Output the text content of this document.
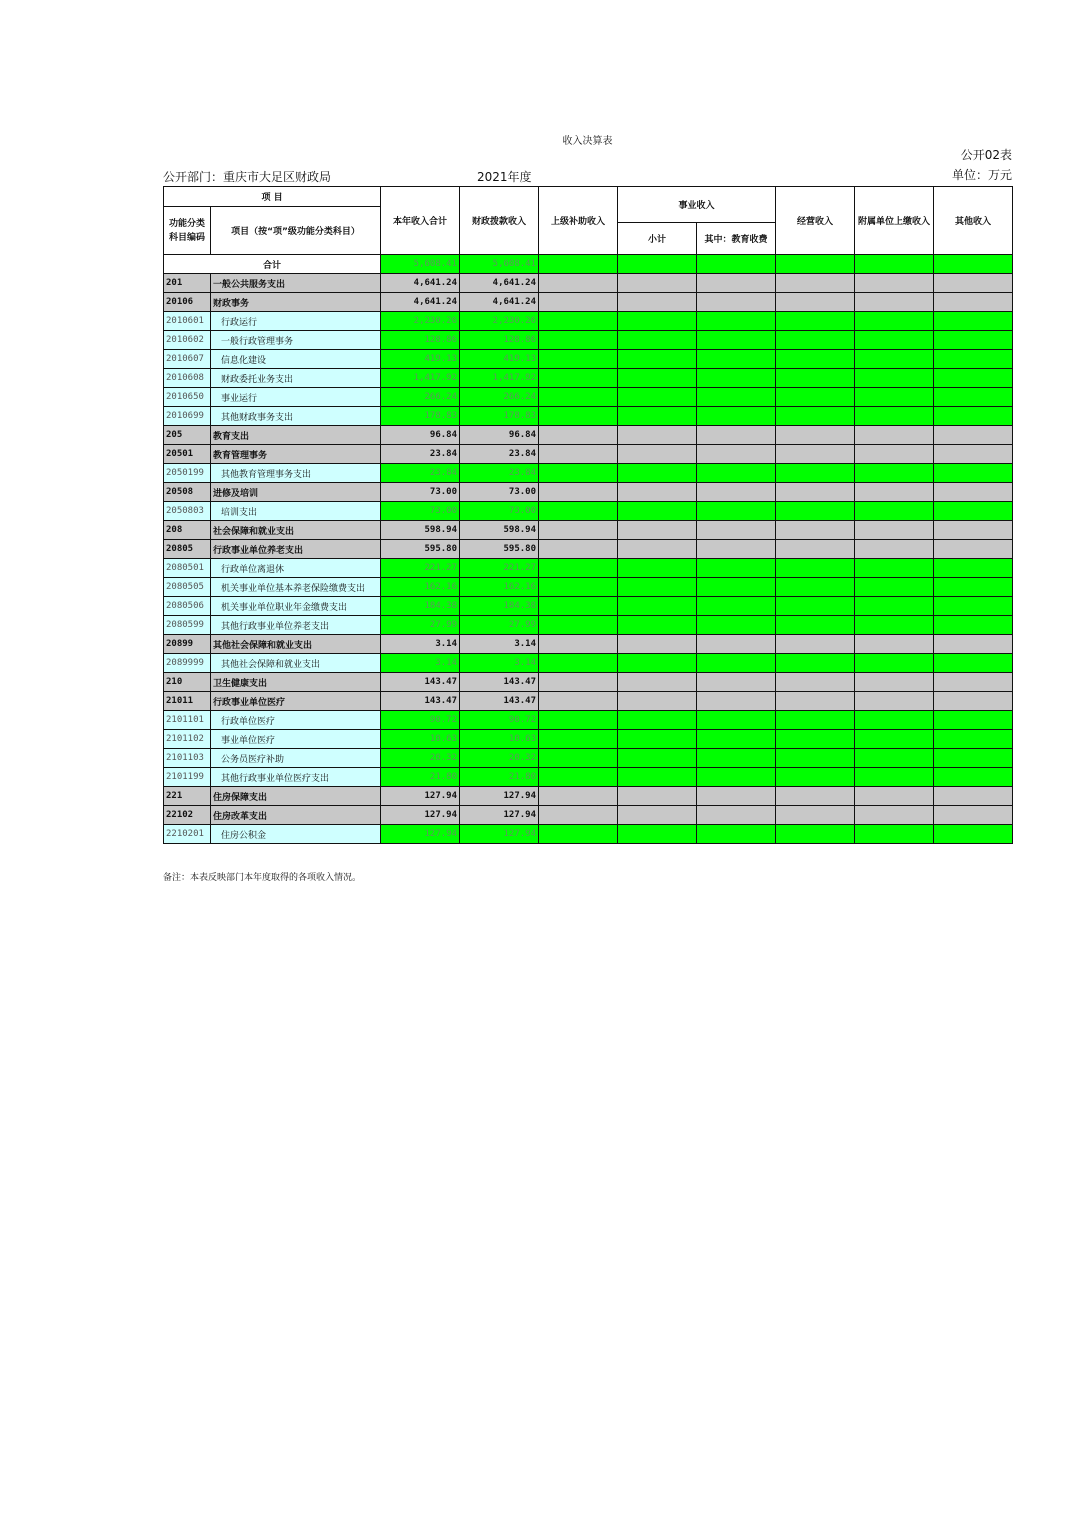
收入决算表
公开02表
公开部门：重庆市大足区财政局	2021年度	单位：万元
项 目		本年收入合计	财政拨款收入	上级补助收入	事业收入		经营收入	附属单位上缴收入	其他收入
功能分类科目编码	项目（按“项”级功能分类科目）								
					小计	其中：教育收费			
合计		5,608.41	5,608.41						
201	一般公共服务支出	4,641.24	4,641.24						
20106	财政事务	4,641.24	4,641.24						
2010601	行政运行	2,230.26	2,230.26						
2010602	一般行政管理事务	128.86	128.86						
2010607	信息化建设	419.13	419.13						
2010608	财政委托业务支出	1,417.92	1,417.92						
2010650	事业运行	266.24	266.24						
2010699	其他财政事务支出	178.83	178.83						
205	教育支出	96.84	96.84						
20501	教育管理事务	23.84	23.84						
2050199	其他教育管理事务支出	23.84	23.84						
20508	进修及培训	73.00	73.00						
2050803	培训支出	73.00	73.00						
208	社会保障和就业支出	598.94	598.94						
20805	行政事业单位养老支出	595.80	595.80						
2080501	行政单位离退休	221.27	221.27						
2080505	机关事业单位基本养老保险缴费支出	162.16	162.16						
2080506	机关事业单位职业年金缴费支出	184.38	184.38						
2080599	其他行政事业单位养老支出	27.99	27.99						
20899	其他社会保障和就业支出	3.14	3.14						
2089999	其他社会保障和就业支出	3.14	3.14						
210	卫生健康支出	143.47	143.47						
21011	行政事业单位医疗	143.47	143.47						
2101101	行政单位医疗	90.72	90.72						
2101102	事业单位医疗	10.63	10.63						
2101103	公务员医疗补助	20.32	20.32						
2101199	其他行政事业单位医疗支出	21.80	21.80						
221	住房保障支出	127.94	127.94						
22102	住房改革支出	127.94	127.94						
2210201	住房公积金	127.94	127.94						
备注：本表反映部门本年度取得的各项收入情况。
